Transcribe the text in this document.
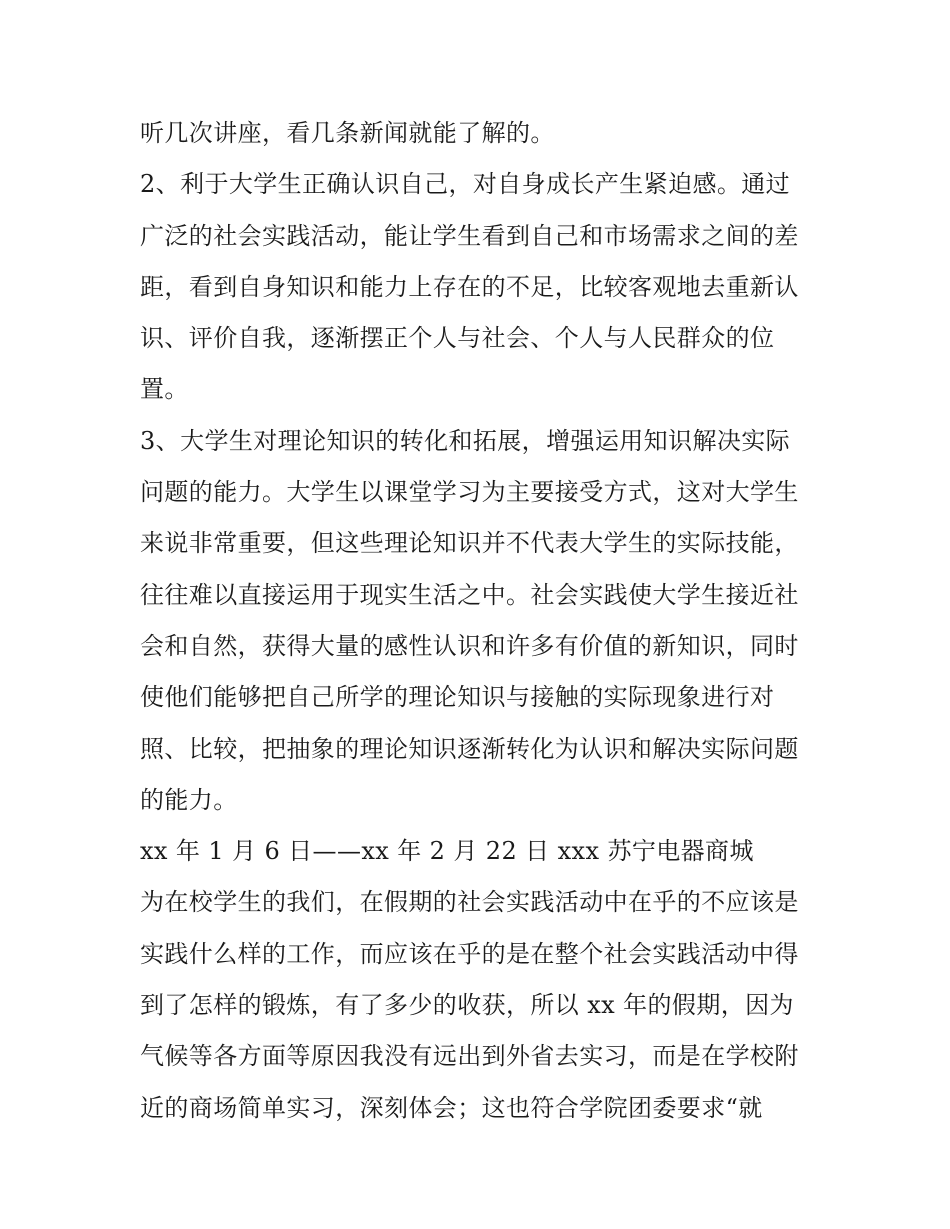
听几次讲座，看几条新闻就能了解的。
2、利于大学生正确认识自己，对自身成长产生紧迫感。通过
广泛的社会实践活动，能让学生看到自己和市场需求之间的差
距，看到自身知识和能力上存在的不足，比较客观地去重新认
识、评价自我，逐渐摆正个人与社会、个人与人民群众的位
置。
3、大学生对理论知识的转化和拓展，增强运用知识解决实际
问题的能力。大学生以课堂学习为主要接受方式，这对大学生
来说非常重要，但这些理论知识并不代表大学生的实际技能，
往往难以直接运用于现实生活之中。社会实践使大学生接近社
会和自然，获得大量的感性认识和许多有价值的新知识，同时
使他们能够把自己所学的理论知识与接触的实际现象进行对
照、比较，把抽象的理论知识逐渐转化为认识和解决实际问题
的能力。
xx 年 1 月 6 日——xx 年 2 月 22 日 xxx 苏宁电器商城
为在校学生的我们，在假期的社会实践活动中在乎的不应该是
实践什么样的工作，而应该在乎的是在整个社会实践活动中得
到了怎样的锻炼，有了多少的收获，所以 xx 年的假期，因为
气候等各方面等原因我没有远出到外省去实习，而是在学校附
近的商场简单实习，深刻体会；这也符合学院团委要求“就
